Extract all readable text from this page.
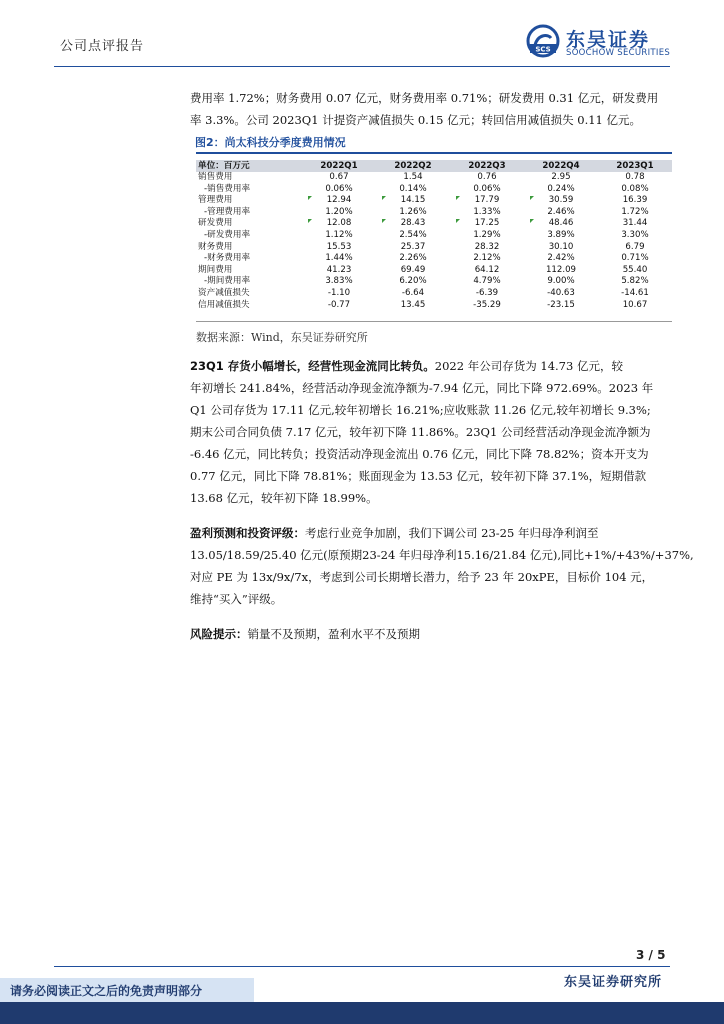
公司点评报告	SCS 东吴证券
SOOCHOW SECURITIES
费用率 1.72%；财务费用 0.07 亿元，财务费用率 0.71%；研发费用 0.31 亿元，研发费用
率 3.3%。公司 2023Q1 计提资产减值损失 0.15 亿元；转回信用减值损失 0.11 亿元。
图2：尚太科技分季度费用情况
单位：百万元	2022Q1	2022Q2	2022Q3	2022Q4	2023Q1
销售费用	0.67	1.54	0.76	2.95	0.78
-销售费用率	0.06%	0.14%	0.06%	0.24%	0.08%
管理费用	12.94	14.15	17.79	30.59	16.39
-管理费用率	1.20%	1.26%	1.33%	2.46%	1.72%
研发费用	12.08	28.43	17.25	48.46	31.44
-研发费用率	1.12%	2.54%	1.29%	3.89%	3.30%
财务费用	15.53	25.37	28.32	30.10	6.79
-财务费用率	1.44%	2.26%	2.12%	2.42%	0.71%
期间费用	41.23	69.49	64.12	112.09	55.40
-期间费用率	3.83%	6.20%	4.79%	9.00%	5.82%
资产减值损失	-1.10	-6.64	-6.39	-40.63	-14.61
信用减值损失	-0.77	13.45	-35.29	-23.15	10.67
数据来源：Wind，东吴证券研究所
23Q1 存货小幅增长，经营性现金流同比转负。2022 年公司存货为 14.73 亿元，较
年初增长 241.84%，经营活动净现金流净额为-7.94 亿元，同比下降 972.69%。2023 年
Q1 公司存货为 17.11 亿元,较年初增长 16.21%;应收账款 11.26 亿元,较年初增长 9.3%;
期末公司合同负债 7.17 亿元，较年初下降 11.86%。23Q1 公司经营活动净现金流净额为
-6.46 亿元，同比转负；投资活动净现金流出 0.76 亿元，同比下降 78.82%；资本开支为
0.77 亿元，同比下降 78.81%；账面现金为 13.53 亿元，较年初下降 37.1%，短期借款
13.68 亿元，较年初下降 18.99%。
盈利预测和投资评级：考虑行业竞争加剧，我们下调公司 23-25 年归母净利润至
13.05/18.59/25.40 亿元(原预期23-24 年归母净利15.16/21.84 亿元),同比+1%/+43%/+37%,
对应 PE 为 13x/9x/7x，考虑到公司长期增长潜力，给予 23 年 20xPE，目标价 104 元，
维持“买入”评级。
风险提示：销量不及预期，盈利水平不及预期
3 / 5
东吴证券研究所
请务必阅读正文之后的免责声明部分
